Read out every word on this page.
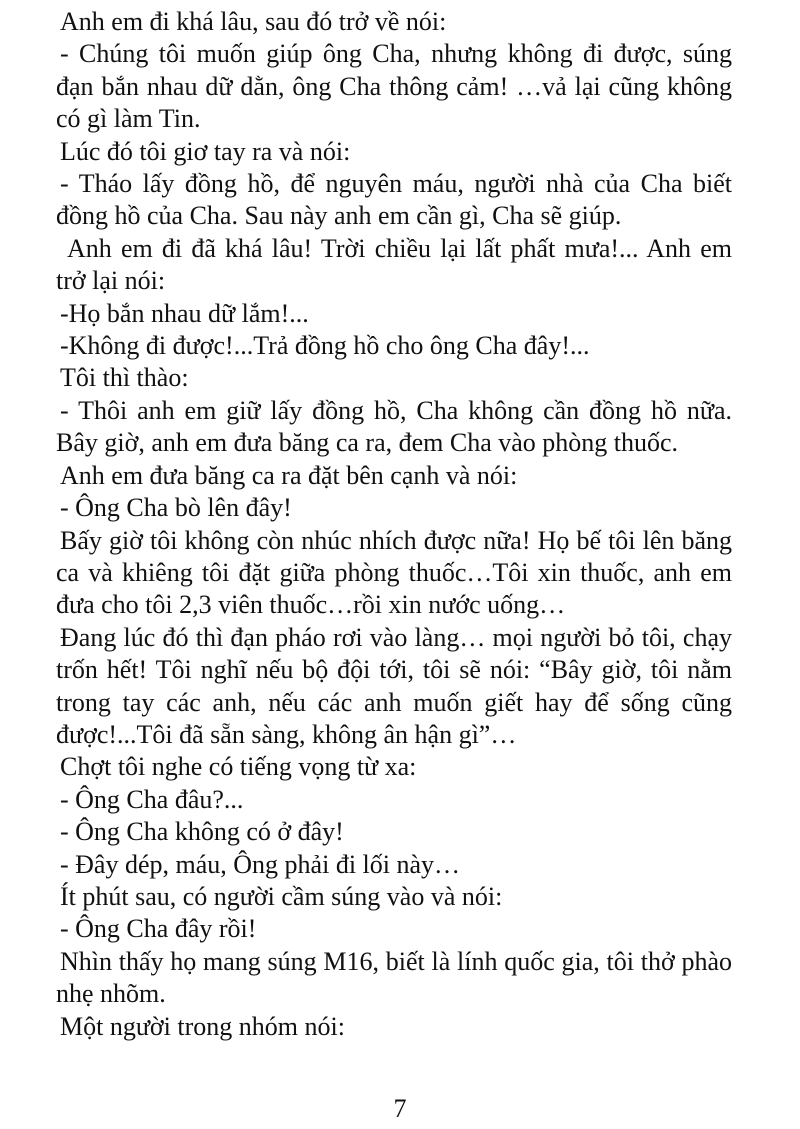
Anh em đi khá lâu, sau đó trở về nói:

- Chúng tôi muốn giúp ông Cha, nhưng không đi được, súng đạn bắn nhau dữ dằn, ông Cha thông cảm! …vả lại cũng không có gì làm Tin.

Lúc đó tôi giơ tay ra và nói:

- Tháo lấy đồng hồ, để nguyên máu, người nhà của Cha biết đồng hồ của Cha. Sau này anh em cần gì, Cha sẽ giúp.

Anh em đi đã khá lâu! Trời chiều lại lất phất mưa!... Anh em trở lại nói:

-Họ bắn nhau dữ lắm!...

-Không đi được!...Trả đồng hồ cho ông Cha đây!...

Tôi thì thào:

- Thôi anh em giữ lấy đồng hồ, Cha không cần đồng hồ nữa. Bây giờ, anh em đưa băng ca ra, đem Cha vào phòng thuốc.

Anh em đưa băng ca ra đặt bên cạnh và nói:

- Ông Cha bò lên đây!

Bấy giờ tôi không còn nhúc nhích được nữa! Họ bế tôi lên băng ca và khiêng tôi đặt giữa phòng thuốc…Tôi xin thuốc, anh em đưa cho tôi 2,3 viên thuốc…rồi xin nước uống…

Đang lúc đó thì đạn pháo rơi vào làng… mọi người bỏ tôi, chạy trốn hết! Tôi nghĩ nếu bộ đội tới, tôi sẽ nói: “Bây giờ, tôi nằm trong tay các anh, nếu các anh muốn giết hay để sống cũng được!...Tôi đã sẵn sàng, không ân hận gì”…

Chợt tôi nghe có tiếng vọng từ xa:

- Ông Cha đâu?...

- Ông Cha không có ở đây!

- Đây dép, máu, Ông phải đi lối này…

Ít phút sau, có người cầm súng vào và nói:

- Ông Cha đây rồi!

Nhìn thấy họ mang súng M16, biết là lính quốc gia, tôi thở phào nhẹ nhõm.

Một người trong nhóm nói:

7
